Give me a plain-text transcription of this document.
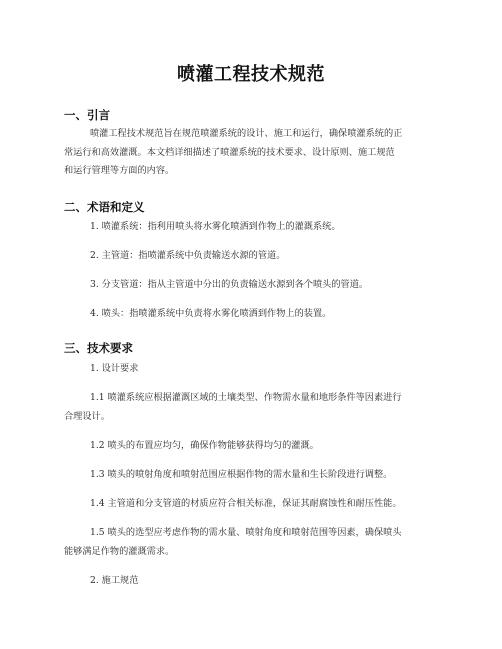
喷灌工程技术规范
一、引言
喷灌工程技术规范旨在规范喷灌系统的设计、施工和运行，确保喷灌系统的正
常运行和高效灌溉。本文档详细描述了喷灌系统的技术要求、设计原则、施工规范
和运行管理等方面的内容。
二、术语和定义
1. 喷灌系统：指利用喷头将水雾化喷洒到作物上的灌溉系统。
2. 主管道：指喷灌系统中负责输送水源的管道。
3. 分支管道：指从主管道中分出的负责输送水源到各个喷头的管道。
4. 喷头：指喷灌系统中负责将水雾化喷洒到作物上的装置。
三、技术要求
1. 设计要求
1.1 喷灌系统应根据灌溉区域的土壤类型、作物需水量和地形条件等因素进行
合理设计。
1.2 喷头的布置应均匀，确保作物能够获得均匀的灌溉。
1.3 喷头的喷射角度和喷射范围应根据作物的需水量和生长阶段进行调整。
1.4 主管道和分支管道的材质应符合相关标准，保证其耐腐蚀性和耐压性能。
1.5 喷头的选型应考虑作物的需水量、喷射角度和喷射范围等因素，确保喷头
能够满足作物的灌溉需求。
2. 施工规范
